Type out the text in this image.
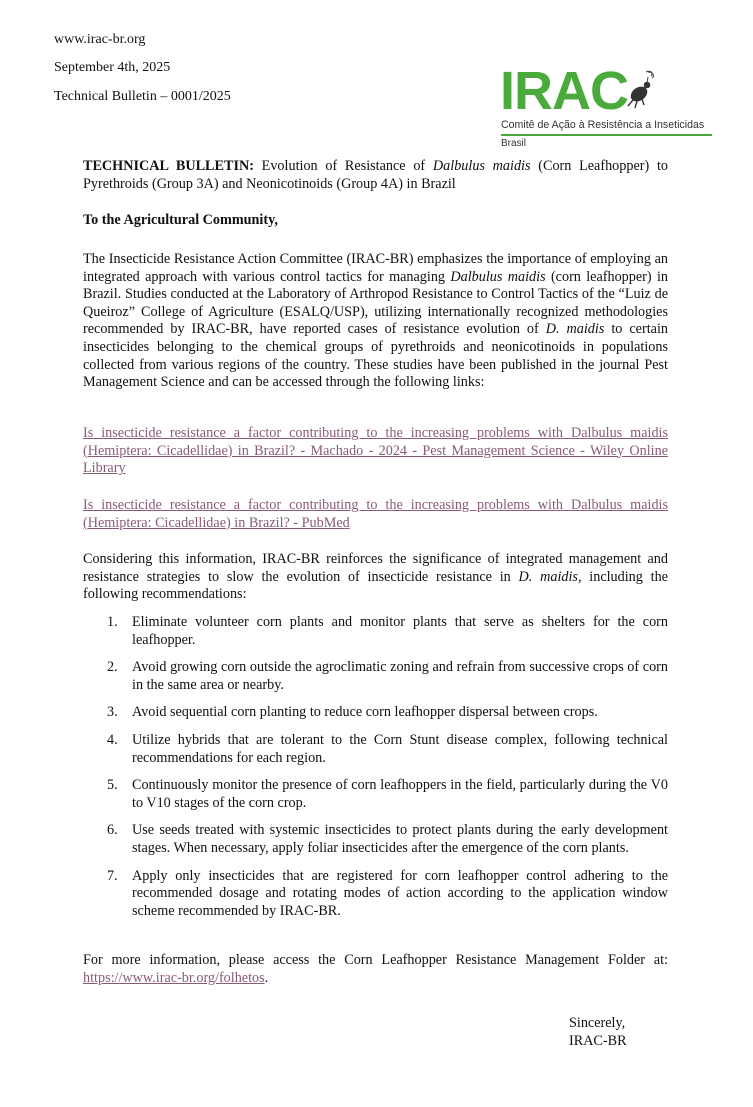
www.irac-br.org
September 4th, 2025
Technical Bulletin – 0001/2025	IRAC
Comitê de Ação à Resistência a Inseticidas
Brasil

TECHNICAL BULLETIN: Evolution of Resistance of Dalbulus maidis (Corn Leafhopper) to Pyrethroids (Group 3A) and Neonicotinoids (Group 4A) in Brazil

To the Agricultural Community,

The Insecticide Resistance Action Committee (IRAC-BR) emphasizes the importance of employing an integrated approach with various control tactics for managing Dalbulus maidis (corn leafhopper) in Brazil. Studies conducted at the Laboratory of Arthropod Resistance to Control Tactics of the “Luiz de Queiroz” College of Agriculture (ESALQ/USP), utilizing internationally recognized methodologies recommended by IRAC-BR, have reported cases of resistance evolution of D. maidis to certain insecticides belonging to the chemical groups of pyrethroids and neonicotinoids in populations collected from various regions of the country. These studies have been published in the journal Pest Management Science and can be accessed through the following links:

Is insecticide resistance a factor contributing to the increasing problems with Dalbulus maidis (Hemiptera: Cicadellidae) in Brazil? - Machado - 2024 - Pest Management Science - Wiley Online Library

Is insecticide resistance a factor contributing to the increasing problems with Dalbulus maidis (Hemiptera: Cicadellidae) in Brazil? - PubMed

Considering this information, IRAC-BR reinforces the significance of integrated management and resistance strategies to slow the evolution of insecticide resistance in D. maidis, including the following recommendations:

1. Eliminate volunteer corn plants and monitor plants that serve as shelters for the corn leafhopper.
2. Avoid growing corn outside the agroclimatic zoning and refrain from successive crops of corn in the same area or nearby.
3. Avoid sequential corn planting to reduce corn leafhopper dispersal between crops.
4. Utilize hybrids that are tolerant to the Corn Stunt disease complex, following technical recommendations for each region.
5. Continuously monitor the presence of corn leafhoppers in the field, particularly during the V0 to V10 stages of the corn crop.
6. Use seeds treated with systemic insecticides to protect plants during the early development stages. When necessary, apply foliar insecticides after the emergence of the corn plants.
7. Apply only insecticides that are registered for corn leafhopper control adhering to the recommended dosage and rotating modes of action according to the application window scheme recommended by IRAC-BR.

For more information, please access the Corn Leafhopper Resistance Management Folder at: https://www.irac-br.org/folhetos.

Sincerely,
IRAC-BR
